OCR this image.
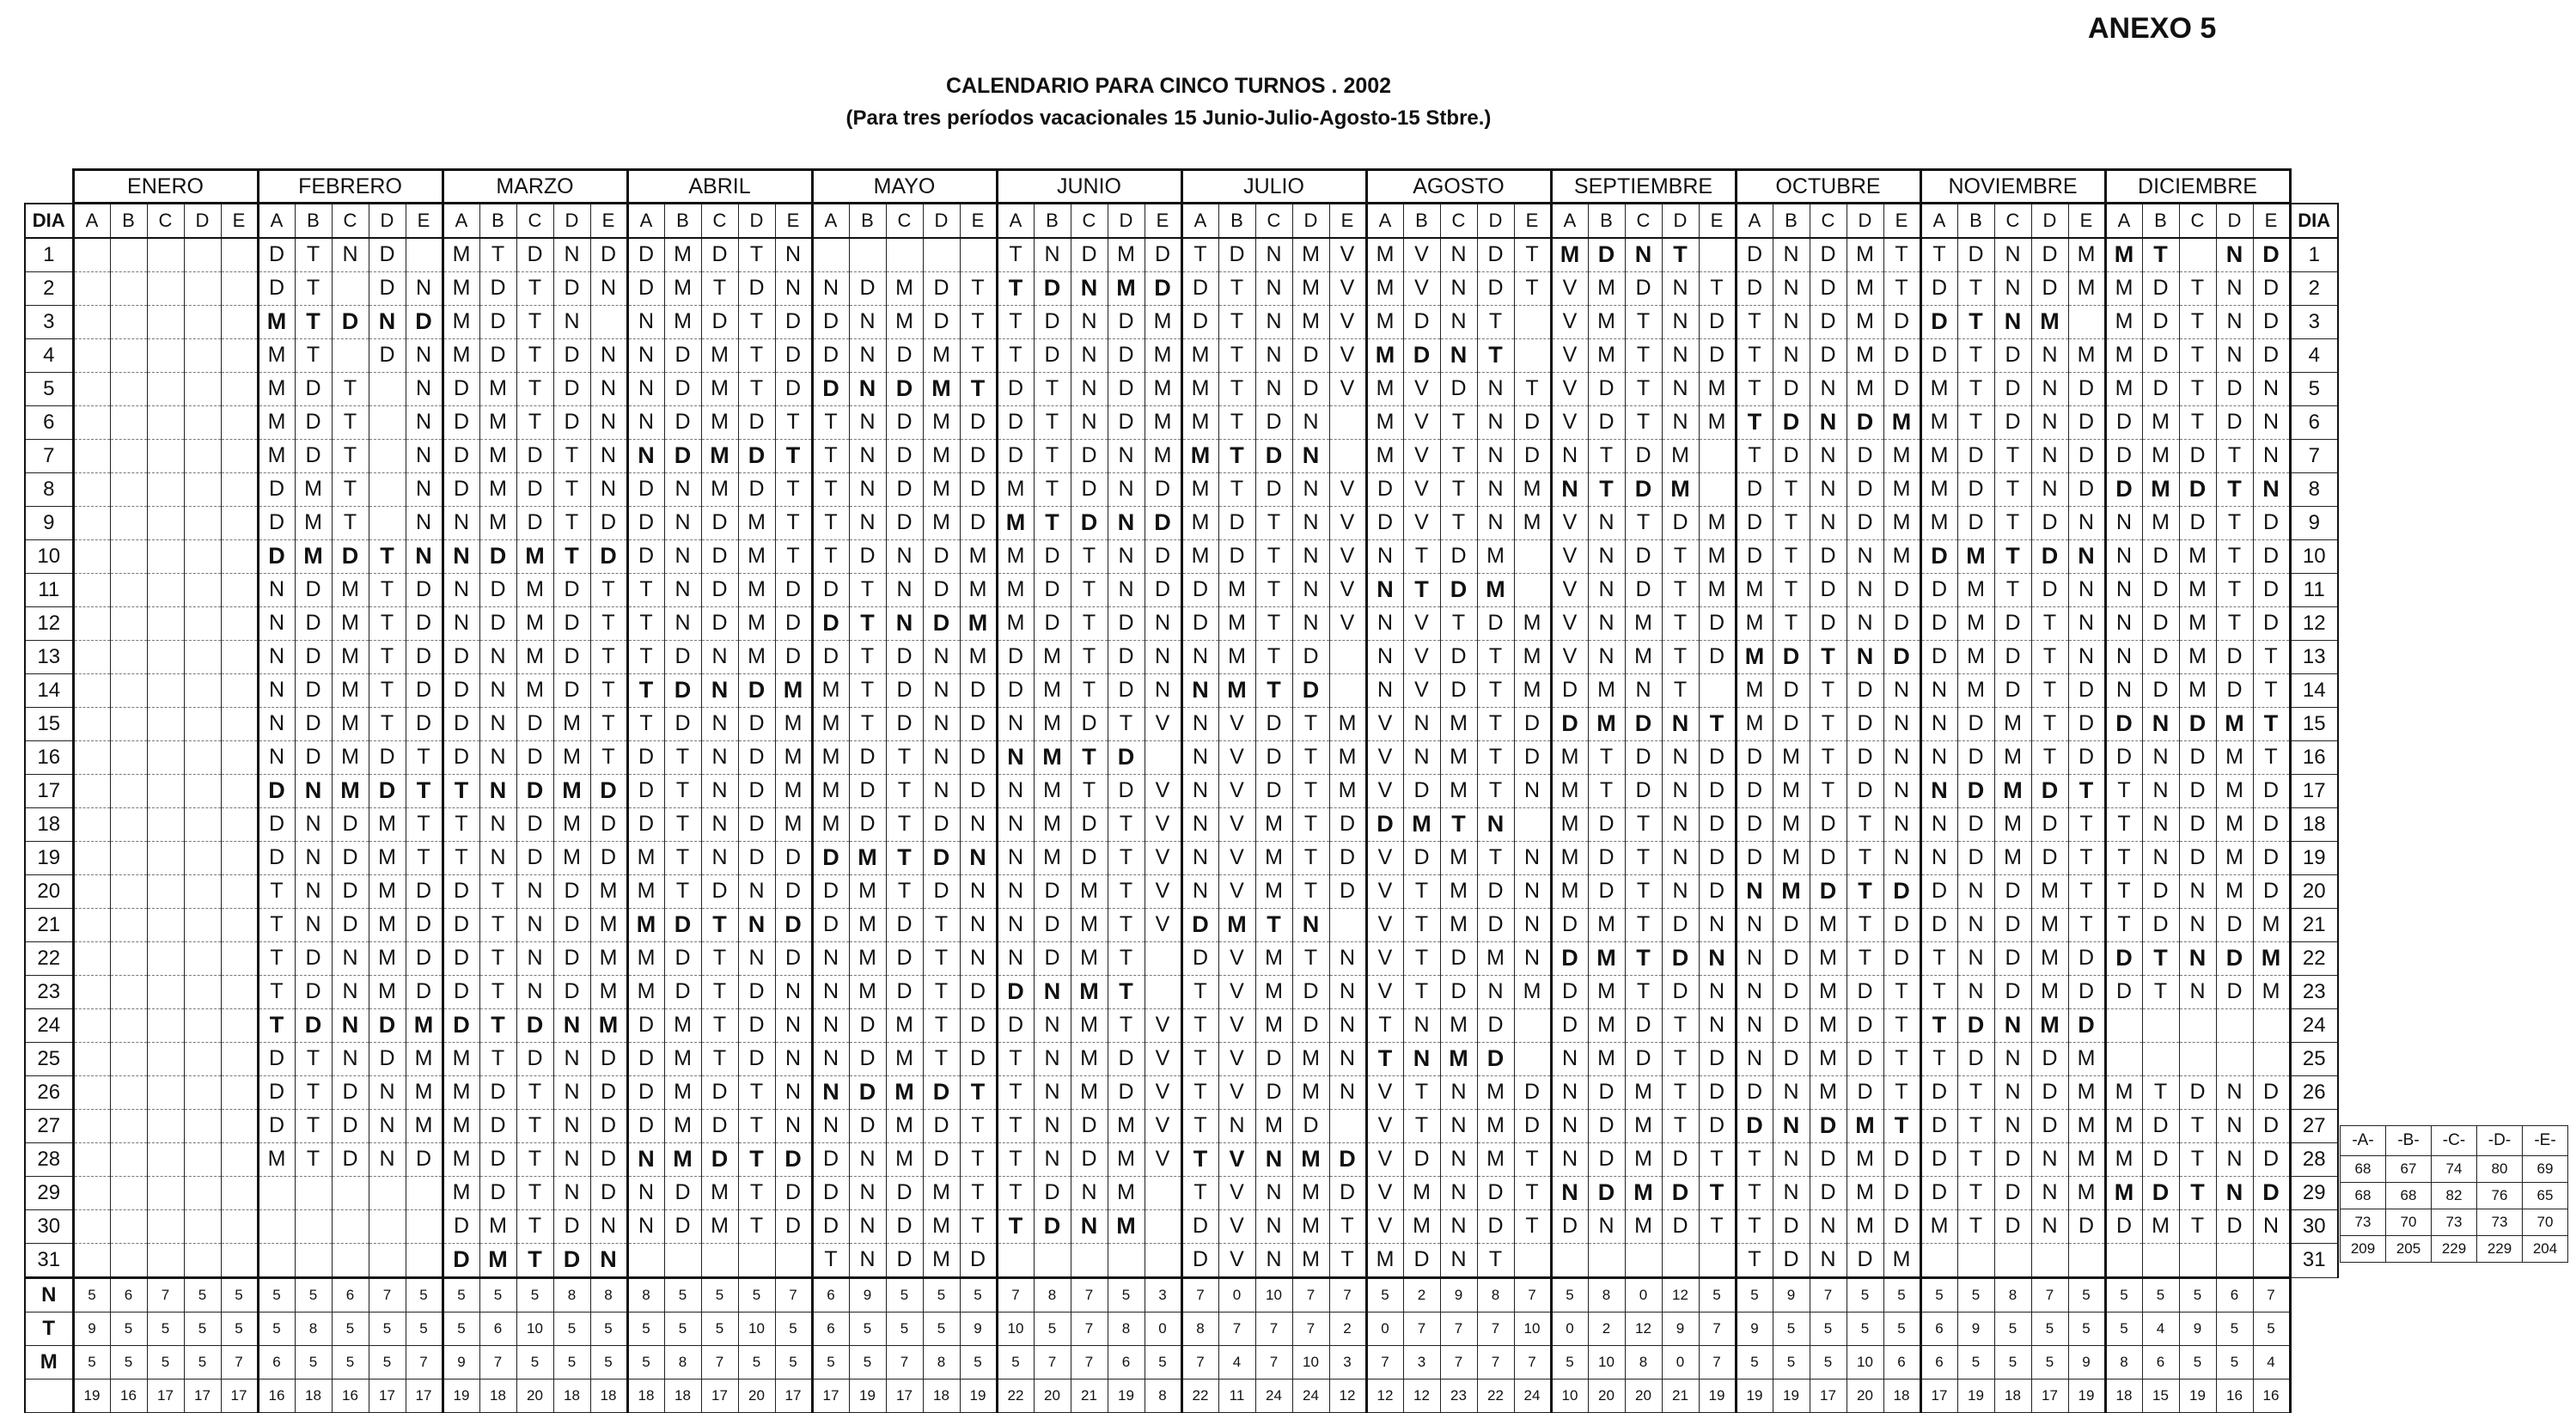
ANEXO 5
CALENDARIO PARA CINCO TURNOS . 2002
(Para tres períodos vacacionales 15 Junio-Julio-Agosto-15 Stbre.)
	ENERO					FEBRERO					MARZO					ABRIL					MAYO					JUNIO					JULIO					AGOSTO					SEPTIEMBRE					OCTUBRE					NOVIEMBRE					DICIEMBRE					
DIA	A	B	C	D	E	A	B	C	D	E	A	B	C	D	E	A	B	C	D	E	A	B	C	D	E	A	B	C	D	E	A	B	C	D	E	A	B	C	D	E	A	B	C	D	E	A	B	C	D	E	A	B	C	D	E	A	B	C	D	E	DIA
1						D	T	N	D		M	T	D	N	D	D	M	D	T	N						T	N	D	M	D	T	D	N	M	V	M	V	N	D	T	M	D	N	T		D	N	D	M	T	T	D	N	D	M	M	T		N	D	1
2						D	T		D	N	M	D	T	D	N	D	M	T	D	N	N	D	M	D	T	T	D	N	M	D	D	T	N	M	V	M	V	N	D	T	V	M	D	N	T	D	N	D	M	T	D	T	N	D	M	M	D	T	N	D	2
3						M	T	D	N	D	M	D	T	N		N	M	D	T	D	D	N	M	D	T	T	D	N	D	M	D	T	N	M	V	M	D	N	T		V	M	T	N	D	T	N	D	M	D	D	T	N	M		M	D	T	N	D	3
4						M	T		D	N	M	D	T	D	N	N	D	M	T	D	D	N	D	M	T	T	D	N	D	M	M	T	N	D	V	M	D	N	T		V	M	T	N	D	T	N	D	M	D	D	T	D	N	M	M	D	T	N	D	4
5						M	D	T		N	D	M	T	D	N	N	D	M	T	D	D	N	D	M	T	D	T	N	D	M	M	T	N	D	V	M	V	D	N	T	V	D	T	N	M	T	D	N	M	D	M	T	D	N	D	M	D	T	D	N	5
6						M	D	T		N	D	M	T	D	N	N	D	M	D	T	T	N	D	M	D	D	T	N	D	M	M	T	D	N		M	V	T	N	D	V	D	T	N	M	T	D	N	D	M	M	T	D	N	D	D	M	T	D	N	6
7						M	D	T		N	D	M	D	T	N	N	D	M	D	T	T	N	D	M	D	D	T	D	N	M	M	T	D	N		M	V	T	N	D	N	T	D	M		T	D	N	D	M	M	D	T	N	D	D	M	D	T	N	7
8						D	M	T		N	D	M	D	T	N	D	N	M	D	T	T	N	D	M	D	M	T	D	N	D	M	T	D	N	V	D	V	T	N	M	N	T	D	M		D	T	N	D	M	M	D	T	N	D	D	M	D	T	N	8
9						D	M	T		N	N	M	D	T	D	D	N	D	M	T	T	N	D	M	D	M	T	D	N	D	M	D	T	N	V	D	V	T	N	M	V	N	T	D	M	D	T	N	D	M	M	D	T	D	N	N	M	D	T	D	9
10						D	M	D	T	N	N	D	M	T	D	D	N	D	M	T	T	D	N	D	M	M	D	T	N	D	M	D	T	N	V	N	T	D	M		V	N	D	T	M	D	T	D	N	M	D	M	T	D	N	N	D	M	T	D	10
11						N	D	M	T	D	N	D	M	D	T	T	N	D	M	D	D	T	N	D	M	M	D	T	N	D	D	M	T	N	V	N	T	D	M		V	N	D	T	M	M	T	D	N	D	D	M	T	D	N	N	D	M	T	D	11
12						N	D	M	T	D	N	D	M	D	T	T	N	D	M	D	D	T	N	D	M	M	D	T	D	N	D	M	T	N	V	N	V	T	D	M	V	N	M	T	D	M	T	D	N	D	D	M	D	T	N	N	D	M	T	D	12
13						N	D	M	T	D	D	N	M	D	T	T	D	N	M	D	D	T	D	N	M	D	M	T	D	N	N	M	T	D		N	V	D	T	M	V	N	M	T	D	M	D	T	N	D	D	M	D	T	N	N	D	M	D	T	13
14						N	D	M	T	D	D	N	M	D	T	T	D	N	D	M	M	T	D	N	D	D	M	T	D	N	N	M	T	D		N	V	D	T	M	D	M	N	T		M	D	T	D	N	N	M	D	T	D	N	D	M	D	T	14
15						N	D	M	T	D	D	N	D	M	T	T	D	N	D	M	M	T	D	N	D	N	M	D	T	V	N	V	D	T	M	V	N	M	T	D	D	M	D	N	T	M	D	T	D	N	N	D	M	T	D	D	N	D	M	T	15
16						N	D	M	D	T	D	N	D	M	T	D	T	N	D	M	M	D	T	N	D	N	M	T	D		N	V	D	T	M	V	N	M	T	D	M	T	D	N	D	D	M	T	D	N	N	D	M	T	D	D	N	D	M	T	16
17						D	N	M	D	T	T	N	D	M	D	D	T	N	D	M	M	D	T	N	D	N	M	T	D	V	N	V	D	T	M	V	D	M	T	N	M	T	D	N	D	D	M	T	D	N	N	D	M	D	T	T	N	D	M	D	17
18						D	N	D	M	T	T	N	D	M	D	D	T	N	D	M	M	D	T	D	N	N	M	D	T	V	N	V	M	T	D	D	M	T	N		M	D	T	N	D	D	M	D	T	N	N	D	M	D	T	T	N	D	M	D	18
19						D	N	D	M	T	T	N	D	M	D	M	T	N	D	D	D	M	T	D	N	N	M	D	T	V	N	V	M	T	D	V	D	M	T	N	M	D	T	N	D	D	M	D	T	N	N	D	M	D	T	T	N	D	M	D	19
20						T	N	D	M	D	D	T	N	D	M	M	T	D	N	D	D	M	T	D	N	N	D	M	T	V	N	V	M	T	D	V	T	M	D	N	M	D	T	N	D	N	M	D	T	D	D	N	D	M	T	T	D	N	M	D	20
21						T	N	D	M	D	D	T	N	D	M	M	D	T	N	D	D	M	D	T	N	N	D	M	T	V	D	M	T	N		V	T	M	D	N	D	M	T	D	N	N	D	M	T	D	D	N	D	M	T	T	D	N	D	M	21
22						T	D	N	M	D	D	T	N	D	M	M	D	T	N	D	N	M	D	T	N	N	D	M	T		D	V	M	T	N	V	T	D	M	N	D	M	T	D	N	N	D	M	T	D	T	N	D	M	D	D	T	N	D	M	22
23						T	D	N	M	D	D	T	N	D	M	M	D	T	D	N	N	M	D	T	D	D	N	M	T		T	V	M	D	N	V	T	D	N	M	D	M	T	D	N	N	D	M	D	T	T	N	D	M	D	D	T	N	D	M	23
24						T	D	N	D	M	D	T	D	N	M	D	M	T	D	N	N	D	M	T	D	D	N	M	T	V	T	V	M	D	N	T	N	M	D		D	M	D	T	N	N	D	M	D	T	T	D	N	M	D						24
25						D	T	N	D	M	M	T	D	N	D	D	M	T	D	N	N	D	M	T	D	T	N	M	D	V	T	V	D	M	N	T	N	M	D		N	M	D	T	D	N	D	M	D	T	T	D	N	D	M						25
26						D	T	D	N	M	M	D	T	N	D	D	M	D	T	N	N	D	M	D	T	T	N	M	D	V	T	V	D	M	N	V	T	N	M	D	N	D	M	T	D	D	N	M	D	T	D	T	N	D	M	M	T	D	N	D	26
27						D	T	D	N	M	M	D	T	N	D	D	M	D	T	N	N	D	M	D	T	T	N	D	M	V	T	N	M	D		V	T	N	M	D	N	D	M	T	D	D	N	D	M	T	D	T	N	D	M	M	D	T	N	D	27
28						M	T	D	N	D	M	D	T	N	D	N	M	D	T	D	D	N	M	D	T	T	N	D	M	V	T	V	N	M	D	V	D	N	M	T	N	D	M	D	T	T	N	D	M	D	D	T	D	N	M	M	D	T	N	D	28
29											M	D	T	N	D	N	D	M	T	D	D	N	D	M	T	T	D	N	M		T	V	N	M	D	V	M	N	D	T	N	D	M	D	T	T	N	D	M	D	D	T	D	N	M	M	D	T	N	D	29
30											D	M	T	D	N	N	D	M	T	D	D	N	D	M	T	T	D	N	M		D	V	N	M	T	V	M	N	D	T	D	N	M	D	T	T	D	N	M	D	M	T	D	N	D	D	M	T	D	N	30
31											D	M	T	D	N						T	N	D	M	D						D	V	N	M	T	M	D	N	T							T	D	N	D	M											31
N	5	6	7	5	5	5	5	6	7	5	5	5	5	8	8	8	5	5	5	7	6	9	5	5	5	7	8	7	5	3	7	0	10	7	7	5	2	9	8	7	5	8	0	12	5	5	9	7	5	5	5	5	8	7	5	5	5	5	6	7	
T	9	5	5	5	5	5	8	5	5	5	5	6	10	5	5	5	5	5	10	5	6	5	5	5	9	10	5	7	8	0	8	7	7	7	2	0	7	7	7	10	0	2	12	9	7	9	5	5	5	5	6	9	5	5	5	5	4	9	5	5	
M	5	5	5	5	7	6	5	5	5	7	9	7	5	5	5	5	8	7	5	5	5	5	7	8	5	5	7	7	6	5	7	4	7	10	3	7	3	7	7	7	5	10	8	0	7	5	5	5	10	6	6	5	5	5	9	8	6	5	5	4	
	19	16	17	17	17	16	18	16	17	17	19	18	20	18	18	18	18	17	20	17	17	19	17	18	19	22	20	21	19	8	22	11	24	24	12	12	12	23	22	24	10	20	20	21	19	19	19	17	20	18	17	19	18	17	19	18	15	19	16	16	
-A-	-B-	-C-	-D-	-E-
68	67	74	80	69
68	68	82	76	65
73	70	73	73	70
209	205	229	229	204
